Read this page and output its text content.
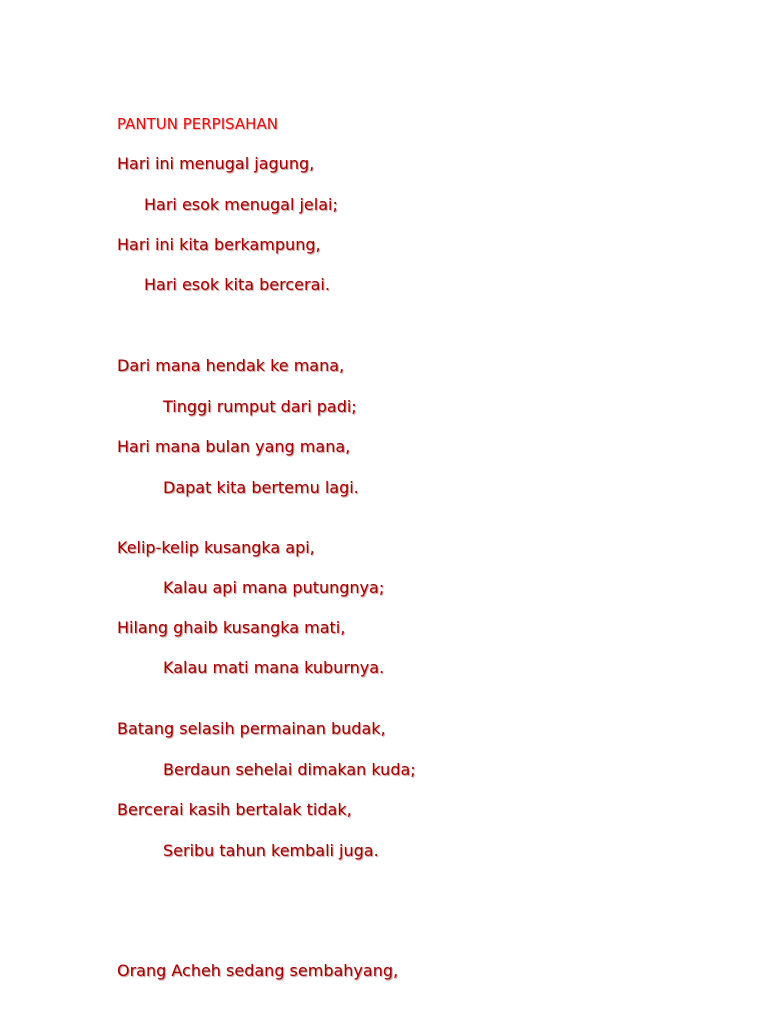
PANTUN PERPISAHAN
Hari ini menugal jagung,
Hari esok menugal jelai;
Hari ini kita berkampung,
Hari esok kita bercerai.
Dari mana hendak ke mana,
Tinggi rumput dari padi;
Hari mana bulan yang mana,
Dapat kita bertemu lagi.
Kelip-kelip kusangka api,
Kalau api mana putungnya;
Hilang ghaib kusangka mati,
Kalau mati mana kuburnya.
Batang selasih permainan budak,
Berdaun sehelai dimakan kuda;
Bercerai kasih bertalak tidak,
Seribu tahun kembali juga.
Orang Acheh sedang sembahyang,
